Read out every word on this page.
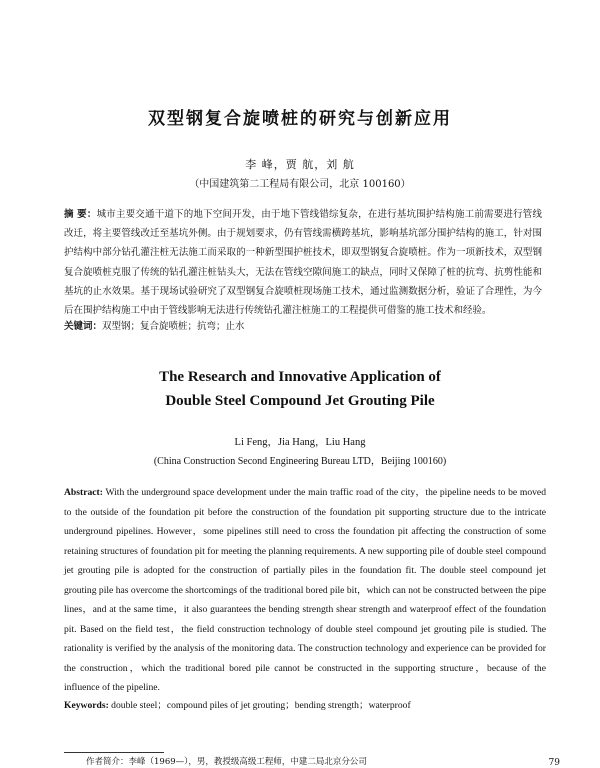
双型钢复合旋喷桩的研究与创新应用
李 峰，贾 航，刘 航
（中国建筑第二工程局有限公司，北京 100160）
摘 要：城市主要交通干道下的地下空间开发，由于地下管线错综复杂，在进行基坑围护结构施工前需要进行管线改迁，将主要管线改迁至基坑外侧。由于规划要求，仍有管线需横跨基坑，影响基坑部分围护结构的施工，针对围护结构中部分钻孔灌注桩无法施工而采取的一种新型围护桩技术，即双型钢复合旋喷桩。作为一项新技术，双型钢复合旋喷桩克服了传统的钻孔灌注桩钻头大，无法在管线空隙间施工的缺点，同时又保障了桩的抗弯、抗剪性能和基坑的止水效果。基于现场试验研究了双型钢复合旋喷桩现场施工技术，通过监测数据分析，验证了合理性，为今后在围护结构施工中由于管线影响无法进行传统钻孔灌注桩施工的工程提供可借鉴的施工技术和经验。
关键词：双型钢；复合旋喷桩；抗弯；止水
The Research and Innovative Application of
Double Steel Compound Jet Grouting Pile
Li Feng，Jia Hang，Liu Hang
(China Construction Second Engineering Bureau LTD，Beijing 100160)
Abstract: With the underground space development under the main traffic road of the city，the pipeline needs to be moved to the outside of the foundation pit before the construction of the foundation pit supporting structure due to the intricate underground pipelines. However，some pipelines still need to cross the foundation pit affecting the construction of some retaining structures of foundation pit for meeting the planning requirements. A new supporting pile of double steel compound jet grouting pile is adopted for the construction of partially piles in the foundation fit. The double steel compound jet grouting pile has overcome the shortcomings of the traditional bored pile bit，which can not be constructed between the pipe lines，and at the same time，it also guarantees the bending strength shear strength and waterproof effect of the foundation pit. Based on the field test，the field construction technology of double steel compound jet grouting pile is studied. The rationality is verified by the analysis of the monitoring data. The construction technology and experience can be provided for the construction，which the traditional bored pile cannot be constructed in the supporting structure，because of the influence of the pipeline.
Keywords: double steel；compound piles of jet grouting；bending strength；waterproof
作者简介：李峰（1969—），男，教授级高级工程师，中建二局北京分公司	79
